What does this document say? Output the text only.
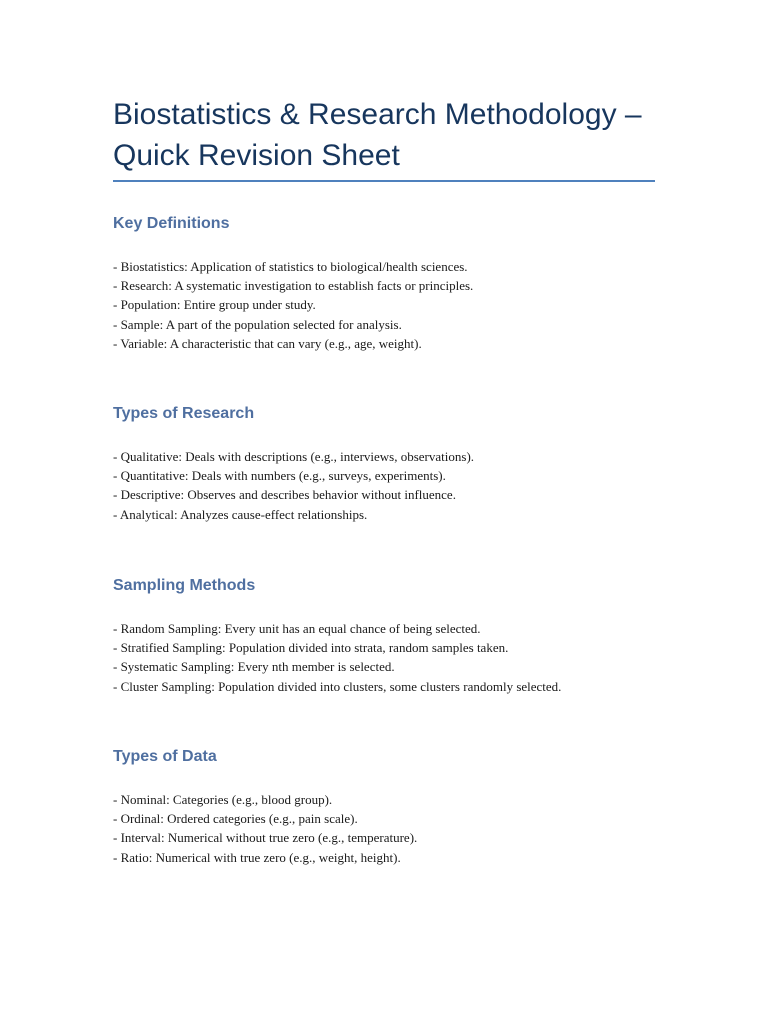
Biostatistics & Research Methodology –
Quick Revision Sheet
Key Definitions
- Biostatistics: Application of statistics to biological/health sciences.
- Research: A systematic investigation to establish facts or principles.
- Population: Entire group under study.
- Sample: A part of the population selected for analysis.
- Variable: A characteristic that can vary (e.g., age, weight).
Types of Research
- Qualitative: Deals with descriptions (e.g., interviews, observations).
- Quantitative: Deals with numbers (e.g., surveys, experiments).
- Descriptive: Observes and describes behavior without influence.
- Analytical: Analyzes cause-effect relationships.
Sampling Methods
- Random Sampling: Every unit has an equal chance of being selected.
- Stratified Sampling: Population divided into strata, random samples taken.
- Systematic Sampling: Every nth member is selected.
- Cluster Sampling: Population divided into clusters, some clusters randomly selected.
Types of Data
- Nominal: Categories (e.g., blood group).
- Ordinal: Ordered categories (e.g., pain scale).
- Interval: Numerical without true zero (e.g., temperature).
- Ratio: Numerical with true zero (e.g., weight, height).
